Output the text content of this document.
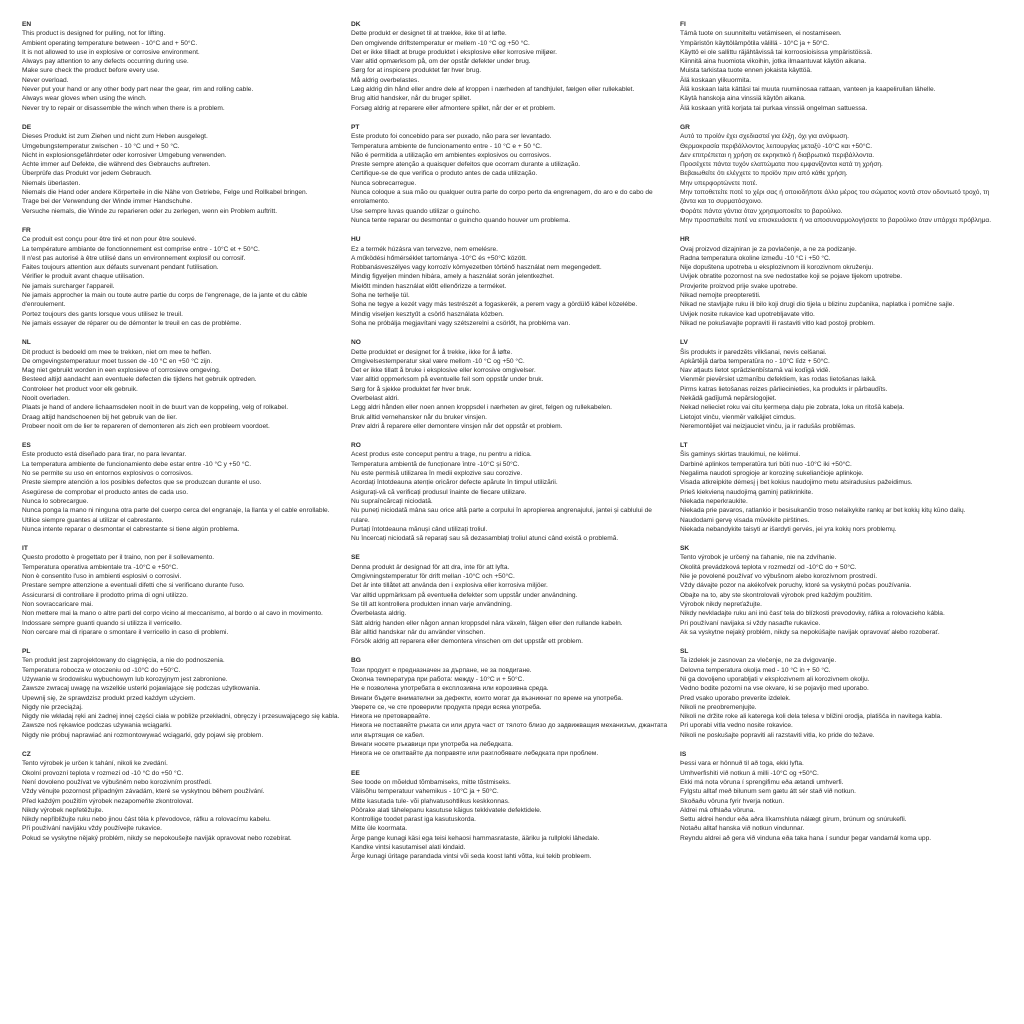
EN
This product is designed for pulling, not for lifting.
Ambient operating temperature between - 10°C and + 50°C.
It is not allowed to use in explosive or corrosive environment.
Always pay attention to any defects occurring during use.
Make sure check the product before every use.
Never overload.
Never put your hand or any other body part near the gear, rim and rolling cable.
Always wear gloves when using the winch.
Never try to repair or disassemble the winch when there is a problem.
DE
Dieses Produkt ist zum Ziehen und nicht zum Heben ausgelegt.
Umgebungstemperatur zwischen - 10 °C und + 50 °C.
Nicht in explosionsgefährdeter oder korrosiver Umgebung verwenden.
Achte immer auf Defekte, die während des Gebrauchs auftreten.
Überprüfe das Produkt vor jedem Gebrauch.
Niemals überlasten.
Niemals die Hand oder andere Körperteile in die Nähe von Getriebe, Felge und Rollkabel bringen.
Trage bei der Verwendung der Winde immer Handschuhe.
Versuche niemals, die Winde zu reparieren oder zu zerlegen, wenn ein Problem auftritt.
FR
Ce produit est conçu pour être tiré et non pour être soulevé.
La température ambiante de fonctionnement est comprise entre - 10°C et + 50°C.
Il n'est pas autorisé à être utilisé dans un environnement explosif ou corrosif.
Faites toujours attention aux défauts survenant pendant l'utilisation.
Vérifier le produit avant chaque utilisation.
Ne jamais surcharger l'appareil.
Ne jamais approcher la main ou toute autre partie du corps de l'engrenage, de la jante et du câble d'enroulement.
Portez toujours des gants lorsque vous utilisez le treuil.
Ne jamais essayer de réparer ou de démonter le treuil en cas de problème.
NL
Dit product is bedoeld om mee te trekken, niet om mee te heffen.
De omgevingstemperatuur moet tussen de -10 °C en +50 °C zijn.
Mag niet gebruikt worden in een explosieve of corrosieve omgeving.
Besteed altijd aandacht aan eventuele defecten die tijdens het gebruik optreden.
Controleer het product voor elk gebruik.
Nooit overladen.
Plaats je hand of andere lichaamsdelen nooit in de buurt van de koppeling, velg of rolkabel.
Draag altijd handschoenen bij het gebruik van de lier.
Probeer nooit om de lier te repareren of demonteren als zich een probleem voordoet.
ES
Este producto está diseñado para tirar, no para levantar.
La temperatura ambiente de funcionamiento debe estar entre -10 °C y +50 °C.
No se permite su uso en entornos explosivos o corrosivos.
Preste siempre atención a los posibles defectos que se produzcan durante el uso.
Asegúrese de comprobar el producto antes de cada uso.
Nunca lo sobrecargue.
Nunca ponga la mano ni ninguna otra parte del cuerpo cerca del engranaje, la llanta y el cable enrollable.
Utilice siempre guantes al utilizar el cabrestante.
Nunca intente reparar o desmontar el cabrestante si tiene algún problema.
IT
Questo prodotto è progettato per il traino, non per il sollevamento.
Temperatura operativa ambientale tra -10°C e +50°C.
Non è consentito l'uso in ambienti esplosivi o corrosivi.
Prestare sempre attenzione a eventuali difetti che si verificano durante l'uso.
Assicurarsi di controllare il prodotto prima di ogni utilizzo.
Non sovraccaricare mai.
Non mettere mai la mano o altre parti del corpo vicino al meccanismo, al bordo o al cavo in movimento.
Indossare sempre guanti quando si utilizza il verricello.
Non cercare mai di riparare o smontare il verricello in caso di problemi.
PL
Ten produkt jest zaprojektowany do ciągnięcia, a nie do podnoszenia.
Temperatura robocza w otoczeniu od -10°C do +50°C.
Używanie w środowisku wybuchowym lub korozyjnym jest zabronione.
Zawsze zwracaj uwagę na wszelkie usterki pojawiające się podczas użytkowania.
Upewnij się, że sprawdzisz produkt przed każdym użyciem.
Nigdy nie przeciążaj.
Nigdy nie wkładaj ręki ani żadnej innej części ciała w pobliże przekładni, obręczy i przesuwającego się kabla.
Zawsze noś rękawice podczas używania wciągarki.
Nigdy nie próbuj naprawiać ani rozmontowywać wciągarki, gdy pojawi się problem.
CZ
Tento výrobek je určen k tahání, nikoli ke zvedání.
Okolní provozní teplota v rozmezí od -10 °C do +50 °C.
Není dovoleno používat ve výbušném nebo korozivním prostředí.
Vždy věnujte pozornost případným závadám, které se vyskytnou během používání.
Před každým použitím výrobek nezapomeňte zkontrolovat.
Nikdy výrobek nepřetěžujte.
Nikdy nepřibližujte ruku nebo jinou část těla k převodovce, ráfku a rolovacímu kabelu.
Při používání navijáku vždy používejte rukavice.
Pokud se vyskytne nějaký problém, nikdy se nepokoušejte naviják opravovat nebo rozebírat.
DK
Dette produkt er designet til at trække, ikke til at løfte.
Den omgivende driftstemperatur er mellem -10 °C og +50 °C.
Det er ikke tilladt at bruge produktet i eksplosive eller korrosive miljøer.
Vær altid opmærksom på, om der opstår defekter under brug.
Sørg for at inspicere produktet før hver brug.
Må aldrig overbelastes.
Læg aldrig din hånd eller andre dele af kroppen i nærheden af tandhjulet, fælgen eller rullekablet.
Brug altid handsker, når du bruger spillet.
Forsøg aldrig at reparere eller afmontere spillet, når der er et problem.
PT
Este produto foi concebido para ser puxado, não para ser levantado.
Temperatura ambiente de funcionamento entre - 10 °C e + 50 °C.
Não é permitida a utilização em ambientes explosivos ou corrosivos.
Preste sempre atenção a quaisquer defeitos que ocorram durante a utilização.
Certifique-se de que verifica o produto antes de cada utilização.
Nunca sobrecarregue.
Nunca coloque a sua mão ou qualquer outra parte do corpo perto da engrenagem, do aro e do cabo de enrolamento.
Use sempre luvas quando utilizar o guincho.
Nunca tente reparar ou desmontar o guincho quando houver um problema.
HU
Ez a termék húzásra van tervezve, nem emelésre.
A működési hőmérséklet tartománya -10°C és +50°C között.
Robbanásveszélyes vagy korrozív környezetben történő használat nem megengedett.
Mindig figyeljen minden hibára, amely a használat során jelentkezhet.
Mielőtt minden használat előtt ellenőrizze a terméket.
Soha ne terhelje túl.
Soha ne tegye a kezét vagy más testrészét a fogaskerék, a perem vagy a gördülő kábel közelébe.
Mindig viseljen kesztyűt a csörlő használata közben.
Soha ne próbálja megjavítani vagy szétszerelni a csörlőt, ha probléma van.
NO
Dette produktet er designet for å trekke, ikke for å løfte.
Omgivelsestemperatur skal være mellom -10 °C og +50 °C.
Det er ikke tillatt å bruke i eksplosive eller korrosive omgivelser.
Vær alltid oppmerksom på eventuelle feil som oppstår under bruk.
Sørg for å sjekke produktet før hver bruk.
Overbelast aldri.
Legg aldri hånden eller noen annen kroppsdel i nærheten av giret, felgen og rullekabelen.
Bruk alltid vernehansker når du bruker vinsjen.
Prøv aldri å reparere eller demontere vinsjen når det oppstår et problem.
RO
Acest produs este conceput pentru a trage, nu pentru a ridica.
Temperatura ambientă de funcționare între -10°C și 50°C.
Nu este permisă utilizarea în medii explozive sau corozive.
Acordați întotdeauna atenție oricăror defecte apărute în timpul utilizării.
Asigurați-vă că verificați produsul înainte de fiecare utilizare.
Nu supraîncărcați niciodată.
Nu puneți niciodată mâna sau orice altă parte a corpului în apropierea angrenajului, jantei și cablului de rulare.
Purtați întotdeauna mănuși când utilizați troliul.
Nu încercați niciodată să reparați sau să dezasamblați troliul atunci când există o problemă.
SE
Denna produkt är designad för att dra, inte för att lyfta.
Omgivningstemperatur för drift mellan -10°C och +50°C.
Det är inte tillåtet att använda den i explosiva eller korrosiva miljöer.
Var alltid uppmärksam på eventuella defekter som uppstår under användning.
Se till att kontrollera produkten innan varje användning.
Överbelasta aldrig.
Sätt aldrig handen eller någon annan kroppsdel nära växeln, fälgen eller den rullande kabeln.
Bär alltid handskar när du använder vinschen.
Försök aldrig att reparera eller demontera vinschen om det uppstår ett problem.
BG
Този продукт е предназначен за дърпане, не за повдигане.
Околна температура при работа: между - 10°C и + 50°C.
Не е позволена употребата в експлозивна или корозивна среда.
Винаги бъдете внимателни за дефекти, които могат да възникнат по време на употреба.
Уверете се, че сте проверили продукта преди всяка употреба.
Никога не претоварвайте.
Никога не поставяйте ръката си или друга част от тялото близо до задвижващия механизъм, джантата или въртящия се кабел.
Винаги носете ръкавици при употреба на лебедката.
Никога не се опитвайте да поправяте или разглобявате лебедката при проблем.
EE
See toode on mõeldud tõmbamiseks, mitte tõstmiseks.
Välisõhu temperatuur vahemikus - 10°C ja + 50°C.
Mitte kasutada tule- või plahvatusohtlikus keskkonnas.
Pöörake alati tähelepanu kasutuse käigus tekkivatele defektidele.
Kontrollige toodet parast iga kasutuskorda.
Mitte üle koormata.
Ärge pange kunagi käsi ega teisi kehaosi hammasrataste, ääriku ja rullploki lähedale.
Kandke vintsi kasutamisel alati kindaid.
Ärge kunagi üritage parandada vintsi või seda koost lahti võtta, kui tekib probleem.
FI
Tämä tuote on suunniteltu vetämiseen, ei nostamiseen.
Ympäristön käyttölämpötila välillä - 10°C ja + 50°C.
Käyttö ei ole sallittu räjähtävissä tai korroosioisissa ympäristöissä.
Kiinnitä aina huomiota vikoihin, jotka ilmaantuvat käytön aikana.
Muista tarkistaa tuote ennen jokaista käyttöä.
Älä koskaan ylikuormita.
Älä koskaan laita kättäsi tai muuta ruumiinosaa rattaan, vanteen ja kaapelirullan lähelle.
Käytä hanskoja aina vinssiä käytön aikana.
Älä koskaan yritä korjata tai purkaa vinssiä ongelman sattuessa.
GR
Αυτό το προϊόν έχει σχεδιαστεί για έλξη, όχι για ανύψωση.
Θερμοκρασία περιβάλλοντος λειτουργίας μεταξύ -10°C και +50°C.
Δεν επιτρέπεται η χρήση σε εκρηκτικό ή διαβρωτικό περιβάλλοντα.
Προσέχετε πάντα τυχόν ελαττώματα που εμφανίζονται κατά τη χρήση.
Βεβαιωθείτε ότι ελέγχετε το προϊόν πριν από κάθε χρήση.
Μην υπερφορτώνετε ποτέ.
Μην τοποθετείτε ποτέ το χέρι σας ή οποιοδήποτε άλλο μέρος του σώματος κοντά στον οδοντωτό τροχό, τη ζάντα και το συρματόσχοινο.
Φοράτε πάντα γάντια όταν χρησιμοποιείτε το βαρούλκο.
Μην προσπαθείτε ποτέ να επισκευάσετε ή να αποσυναρμολογήσετε το βαρούλκο όταν υπάρχει πρόβλημα.
HR
Ovaj proizvod dizajniran je za povlačenje, a ne za podizanje.
Radna temperatura okoline između -10 °C i +50 °C.
Nije dopuštena upotreba u eksplozivnom ili korozivnom okruženju.
Uvijek obratite pozornost na sve nedostatke koji se pojave tijekom upotrebe.
Provjerite proizvod prije svake upotrebe.
Nikad nemojte preopteretiti.
Nikad ne stavljajte ruku ili bilo koji drugi dio tijela u blizinu zupčanika, naplatka i pomične sajle.
Uvijek nosite rukavice kad upotrebljavate vitlo.
Nikad ne pokušavajte popraviti ili rastaviti vitlo kad postoji problem.
LV
Šis produkts ir paredzēts vilkšanai, nevis celšanai.
Apkārtējā darba temperatūra no - 10°C līdz + 50°C.
Nav atļauts lietot sprādzienbīstamā vai kodīgā vidē.
Vienmēr pievērsiet uzmanību defektiem, kas rodas lietošanas laikā.
Pirms katras lietošanas reizes pārliecinieties, ka produkts ir pārbaudīts.
Nekādā gadījumā nepārslogojiet.
Nekad nelieciet roku vai citu ķermeņa daļu pie zobrata, loka un ritošā kabeļa.
Lietojot vinču, vienmēr valkājiet cimdus.
Neremontējiet vai neizjauciet vinču, ja ir radušās problēmas.
LT
Šis gaminys skirtas traukimui, ne kėlimui.
Darbinė aplinkos temperatūra turi būti nuo -10°C iki +50°C.
Negalima naudoti sprogioje ar korozinę sukeliančioje aplinkoje.
Visada atkreipkite dėmesį į bet kokius naudojimo metu atsiradusius pažeidimus.
Prieš kiekvieną naudojimą gaminį patikrinkite.
Niekada neperkraukite.
Niekada prie pavaros, ratlankio ir besisukančio troso nelaikykite rankų ar bet kokių kitų kūno dalių.
Naudodami gervę visada mūvėkite pirštines.
Niekada nebandykite taisyti ar išardyti gervės, jei yra kokių nors problemų.
SK
Tento výrobok je určený na ťahanie, nie na zdvíhanie.
Okolitá prevádzková teplota v rozmedzí od -10°C do + 50°C.
Nie je povolené používať vo výbušnom alebo korozívnom prostredí.
Vždy dávajte pozor na akékoľvek poruchy, ktoré sa vyskytnú počas používania.
Obajte na to, aby ste skontrolovali výrobok pred každým použitím.
Výrobok nikdy nepreťažujte.
Nikdy nevkladajte ruku ani inú časť tela do blízkosti prevodovky, ráfika a rolovacieho kábla.
Pri používaní navijaka si vždy nasaďte rukavice.
Ak sa vyskytne nejaký problém, nikdy sa nepokúšajte navijak opravovať alebo rozoberať.
SL
Ta izdelek je zasnovan za vlečenje, ne za dvigovanje.
Delovna temperatura okolja med - 10 °C in + 50 °C.
Ni ga dovoljeno uporabljati v eksplozivnem ali korozivnem okolju.
Vedno bodite pozorni na vse okvare, ki se pojavijo med uporabo.
Pred vsako uporabo preverite izdelek.
Nikoli ne preobremenjujte.
Nikoli ne držite roke ali katerega koli dela telesa v bližini orodja, platišča in navitega kabla.
Pri uporabi vitla vedno nosite rokavice.
Nikoli ne poskušajte popraviti ali razstaviti vitla, ko pride do težave.
IS
Þessi vara er hönnuð til að toga, ekki lyfta.
Umhverfishiti við notkun á milli -10°C og +50°C.
Ekki má nota vöruna í sprengifimu eða ætandi umhverfi.
Fylgstu alltaf með bilunum sem gætu átt sér stað við notkun.
Skoðaðu vöruna fyrir hverja notkun.
Aldrei má ofhlaða vöruna.
Settu aldrei hendur eða aðra líkamshluta nálægt gírum, brúnum og snúrukefli.
Notaðu alltaf hanska við notkun vindunnar.
Reyndu aldrei að gera við vinduna eða taka hana í sundur þegar vandamál koma upp.
